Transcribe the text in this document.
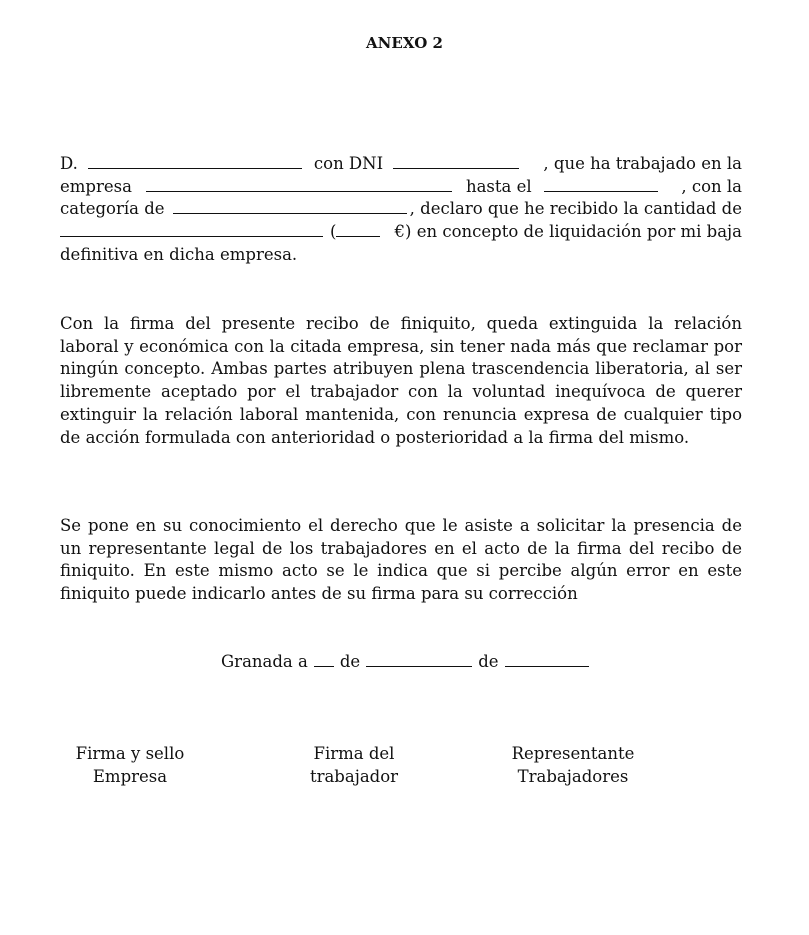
ANEXO 2
D.	con DNI	, que ha trabajado en la
empresa	hasta el	, con la
categoría de	, declaro que he recibido la cantidad de
(	€) en concepto de liquidación por mi baja
definitiva en dicha empresa.
Con la firma del presente recibo de finiquito, queda extinguida la relación laboral y económica con la citada empresa, sin tener nada más que reclamar por ningún concepto. Ambas partes atribuyen plena trascendencia liberatoria, al ser libremente aceptado por el trabajador con la voluntad inequívoca de querer extinguir la relación laboral mantenida, con renuncia expresa de cualquier tipo de acción formulada con anterioridad o posterioridad a la firma del mismo.
Se pone en su conocimiento el derecho que le asiste a solicitar la presencia de un representante legal de los trabajadores en el acto de la firma del recibo de finiquito. En este mismo acto se le indica que si percibe algún error en este finiquito puede indicarlo antes de su firma para su corrección
Granada a de	de
Firma y sello
Empresa
Firma del
trabajador
Representante
Trabajadores
